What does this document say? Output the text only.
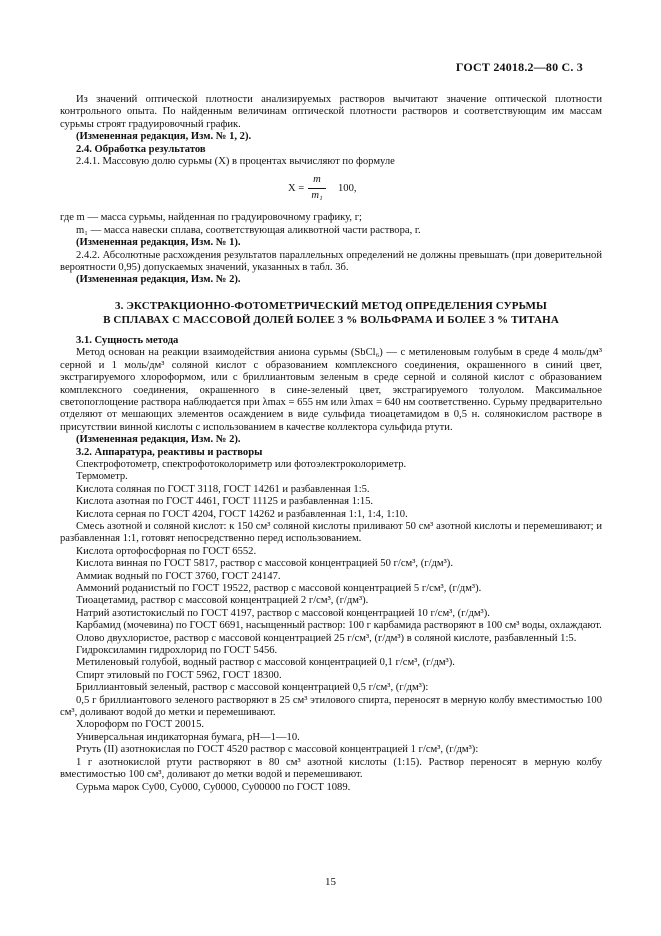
ГОСТ 24018.2—80 С. 3

Из значений оптической плотности анализируемых растворов вычитают значение оптической плотности контрольного опыта. По найденным величинам оптической плотности растворов и соответствующим им массам сурьмы строят градуировочный график.

(Измененная редакция, Изм. № 1, 2).

2.4. Обработка результатов

2.4.1. Массовую долю сурьмы (X) в процентах вычисляют по формуле

$X = \frac{m}{\text{m₁}} 100$,

где m — масса сурьмы, найденная по градуировочному графику, г;

m₁ — масса навески сплава, соответствующая аликвотной части раствора, г.

(Измененная редакция, Изм. № 1).

2.4.2. Абсолютные расхождения результатов параллельных определений не должны превышать (при доверительной вероятности 0,95) допускаемых значений, указанных в табл. 3б.

(Измененная редакция, Изм. № 2).

3. ЭКСТРАКЦИОННО-ФОТОМЕТРИЧЕСКИЙ МЕТОД ОПРЕДЕЛЕНИЯ СУРЬМЫ
В СПЛАВАХ С МАССОВОЙ ДОЛЕЙ БОЛЕЕ 3 % ВОЛЬФРАМА И БОЛЕЕ 3 % ТИТАНА

3.1. Сущность метода

Метод основан на реакции взаимодействия аниона сурьмы (SbCl₆) — с метиленовым голубым в среде 4 моль/дм³ серной и 1 моль/дм³ соляной кислот с образованием комплексного соединения, окрашенного в синий цвет, экстрагируемого хлороформом, или с бриллиантовым зеленым в среде серной и соляной кислот с образованием комплексного соединения, окрашенного в сине-зеленый цвет, экстрагируемого толуолом. Максимальное светопоглощение раствора наблюдается при λmax = 655 нм или λmax = 640 нм соответственно. Сурьму предварительно отделяют от мешающих элементов осаждением в виде сульфида тиоацетамидом в 0,5 н. солянокислом растворе в присутствии винной кислоты с использованием в качестве коллектора сульфида ртути.

(Измененная редакция, Изм. № 2).

3.2. Аппаратура, реактивы и растворы

Спектрофотометр, спектрофотоколориметр или фотоэлектроколориметр.

Термометр.

Кислота соляная по ГОСТ 3118, ГОСТ 14261 и разбавленная 1:5.

Кислота азотная по ГОСТ 4461, ГОСТ 11125 и разбавленная 1:15.

Кислота серная по ГОСТ 4204, ГОСТ 14262 и разбавленная 1:1, 1:4, 1:10.

Смесь азотной и соляной кислот: к 150 см³ соляной кислоты приливают 50 см³ азотной кислоты и перемешивают; и разбавленная 1:1, готовят непосредственно перед использованием.

Кислота ортофосфорная по ГОСТ 6552.

Кислота винная по ГОСТ 5817, раствор с массовой концентрацией 50 г/см³, (г/дм³).

Аммиак водный по ГОСТ 3760, ГОСТ 24147.

Аммоний роданистый по ГОСТ 19522, раствор с массовой концентрацией 5 г/см³, (г/дм³).

Тиоацетамид, раствор с массовой концентрацией 2 г/см³, (г/дм³).

Натрий азотистокислый по ГОСТ 4197, раствор с массовой концентрацией 10 г/см³, (г/дм³).

Карбамид (мочевина) по ГОСТ 6691, насыщенный раствор: 100 г карбамида растворяют в 100 см³ воды, охлаждают.

Олово двухлористое, раствор с массовой концентрацией 25 г/см³, (г/дм³) в соляной кислоте, разбавленный 1:5.

Гидроксиламин гидрохлорид по ГОСТ 5456.

Метиленовый голубой, водный раствор с массовой концентрацией 0,1 г/см³, (г/дм³).

Спирт этиловый по ГОСТ 5962, ГОСТ 18300.

Бриллиантовый зеленый, раствор с массовой концентрацией 0,5 г/см³, (г/дм³):

0,5 г бриллиантового зеленого растворяют в 25 см³ этилового спирта, переносят в мерную колбу вместимостью 100 см³, доливают водой до метки и перемешивают.

Хлороформ по ГОСТ 20015.

Универсальная индикаторная бумага, рН—1—10.

Ртуть (II) азотнокислая по ГОСТ 4520 раствор с массовой концентрацией 1 г/см³, (г/дм³):

1 г азотнокислой ртути растворяют в 80 см³ азотной кислоты (1:15). Раствор переносят в мерную колбу вместимостью 100 см³, доливают до метки водой и перемешивают.

Сурьма марок Су00, Су000, Су0000, Су00000 по ГОСТ 1089.

15
